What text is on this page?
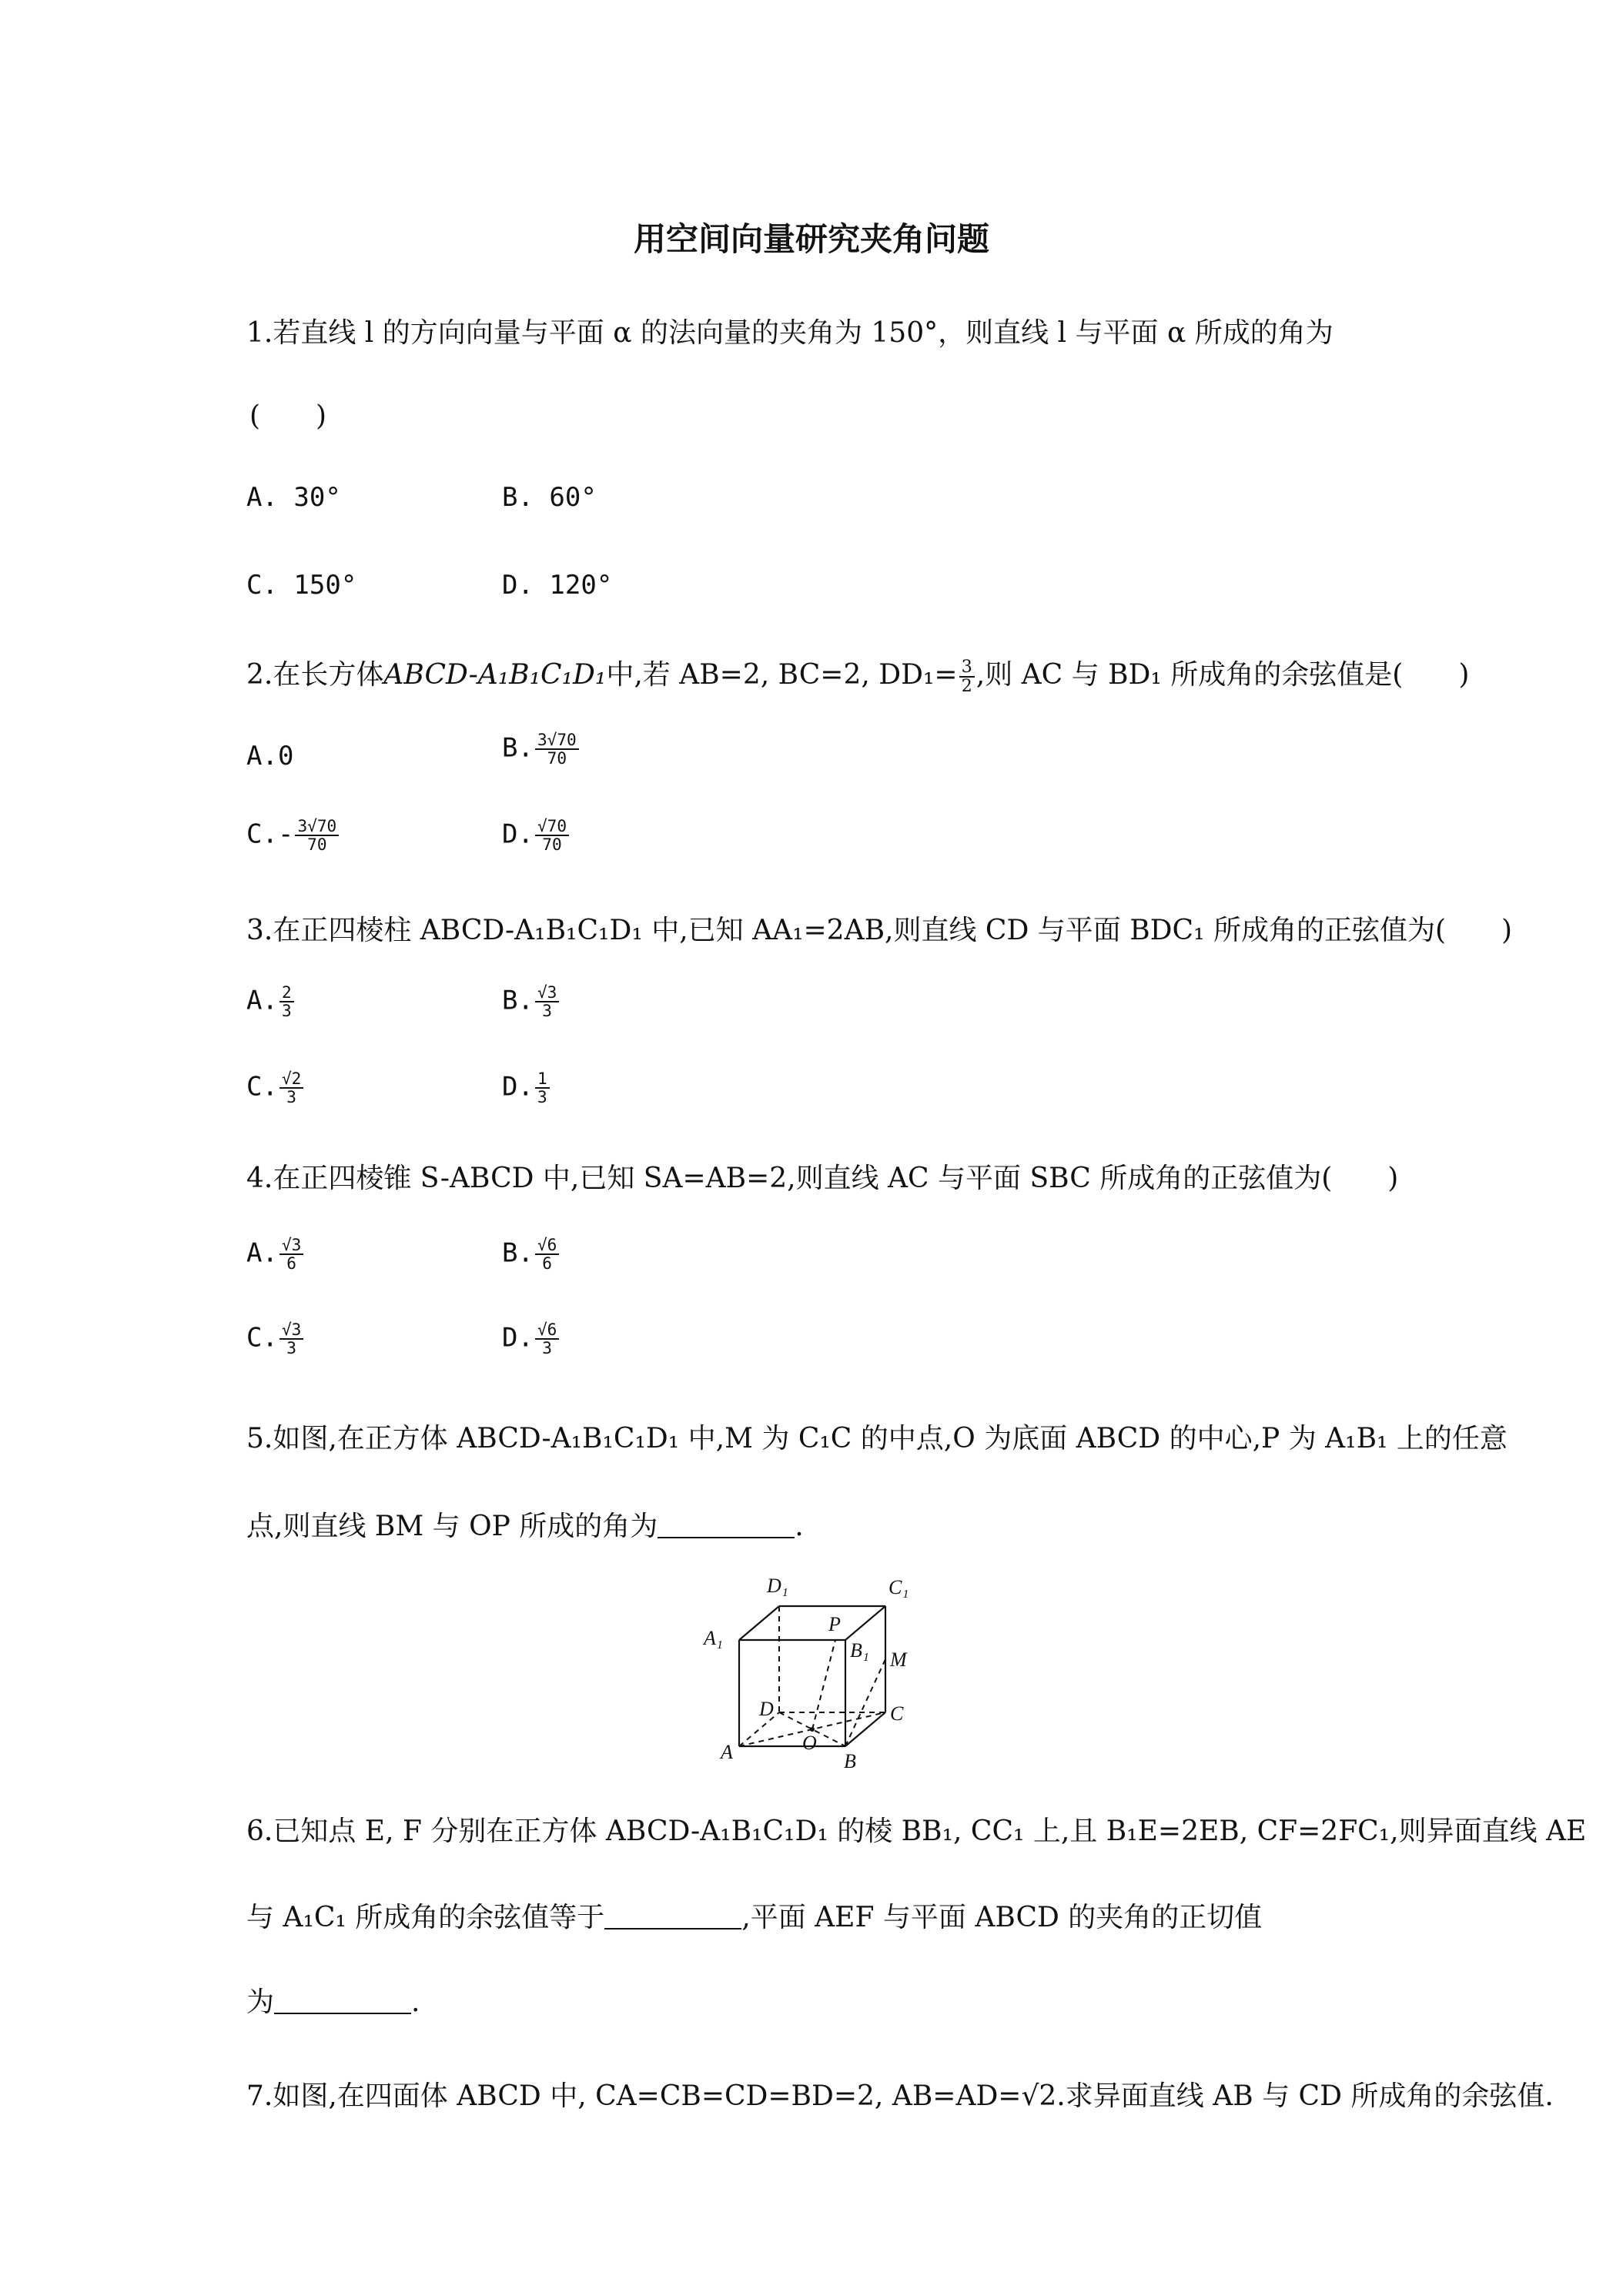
用空间向量研究夹角问题
1.若直线 l 的方向向量与平面 α 的法向量的夹角为 150°，则直线 l 与平面 α 所成的角为
(　　)
A. 30°	B. 60°
C. 150°	D. 120°
2.在长方体ABCD-A₁B₁C₁D₁中,若 AB=2, BC=2, $DD_1= \frac{3}{2}$ ,则 AC 与 BD₁ 所成角的余弦值是(　　)
A.0	B. $\frac{3√70}{70}$
$C.- \frac{3√70}{70}$	D. $\frac{√70}{70}$
3.在正四棱柱 ABCD-A₁B₁C₁D₁ 中,已知 AA₁=2AB,则直线 CD 与平面 BDC₁ 所成角的正弦值为(　　)
A. $\frac{2}{3}$	B. $\frac{√3}{3}$
C. $\frac{√2}{3}$	D. $\frac{1}{3}$
4.在正四棱锥 S-ABCD 中,已知 SA=AB=2,则直线 AC 与平面 SBC 所成角的正弦值为(　　)
A. $\frac{√3}{6}$	B. $\frac{√6}{6}$
C. $\frac{√3}{3}$	D. $\frac{√6}{3}$
5.如图,在正方体 ABCD-A₁B₁C₁D₁ 中,M 为 C₁C 的中点,O 为底面 ABCD 的中心,P 为 A₁B₁ 上的任意
点,则直线 BM 与 OP 所成的角为	.
D₁	C₁
A₁
P
B₁ M
D	C
A	O
B
6.已知点 E, F 分别在正方体 ABCD-A₁B₁C₁D₁ 的棱 BB₁, CC₁ 上,且 B₁E=2EB, CF=2FC₁,则异面直线 AE
与 A₁C₁ 所成角的余弦值等于	,平面 AEF 与平面 ABCD 的夹角的正切值
为	.
7.如图,在四面体 ABCD 中, CA=CB=CD=BD=2, AB=AD=√2.求异面直线 AB 与 CD 所成角的余弦值.
